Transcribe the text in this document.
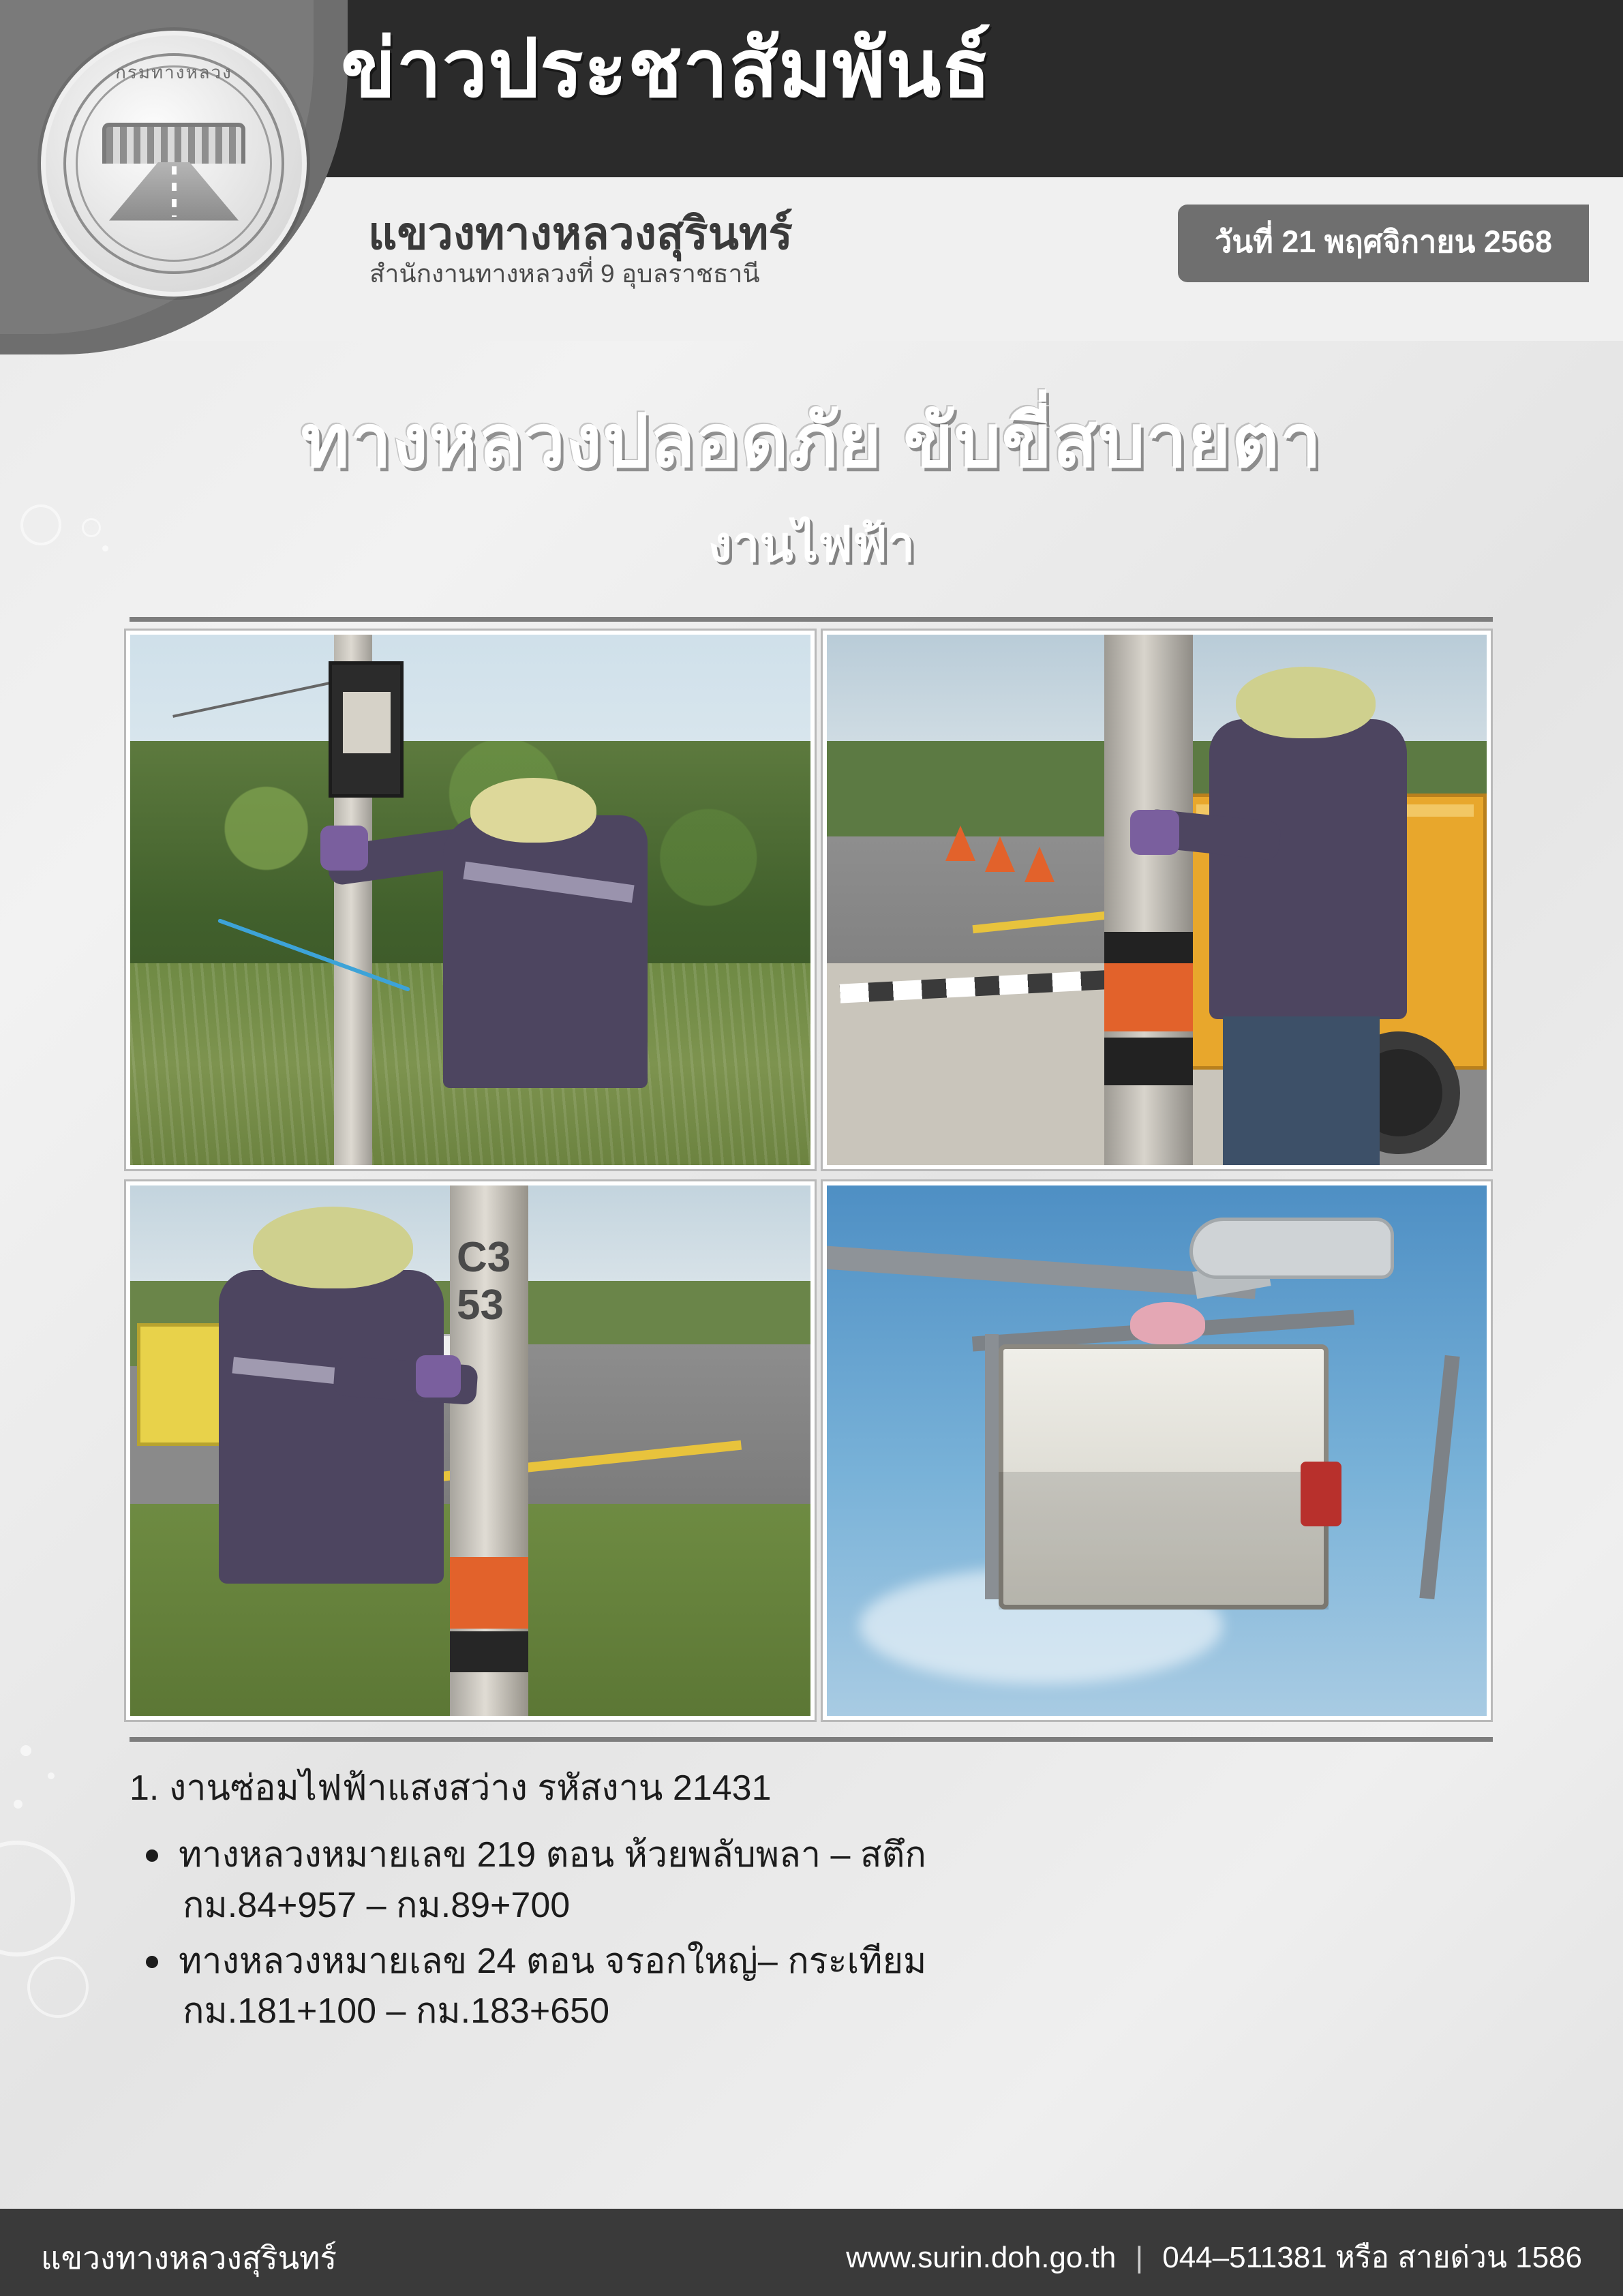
กรมทางหลวง	ข่าวประชาสัมพันธ์
แขวงทางหลวงสุรินทร์
สำนักงานทางหลวงที่ 9 อุบลราชธานี
วันที่ 21 พฤศจิกายน 2568
ทางหลวงปลอดภัย ขับขี่สบายตา
งานไฟฟ้า
C3
53
1. งานซ่อมไฟฟ้าแสงสว่าง รหัสงาน 21431
ทางหลวงหมายเลข 219 ตอน ห้วยพลับพลา – สตึก
กม.84+957 – กม.89+700
ทางหลวงหมายเลข 24 ตอน จรอกใหญ่– กระเทียม
กม.181+100 – กม.183+650
แขวงทางหลวงสุรินทร์	www.surin.doh.go.th | 044–511381 หรือ สายด่วน 1586
